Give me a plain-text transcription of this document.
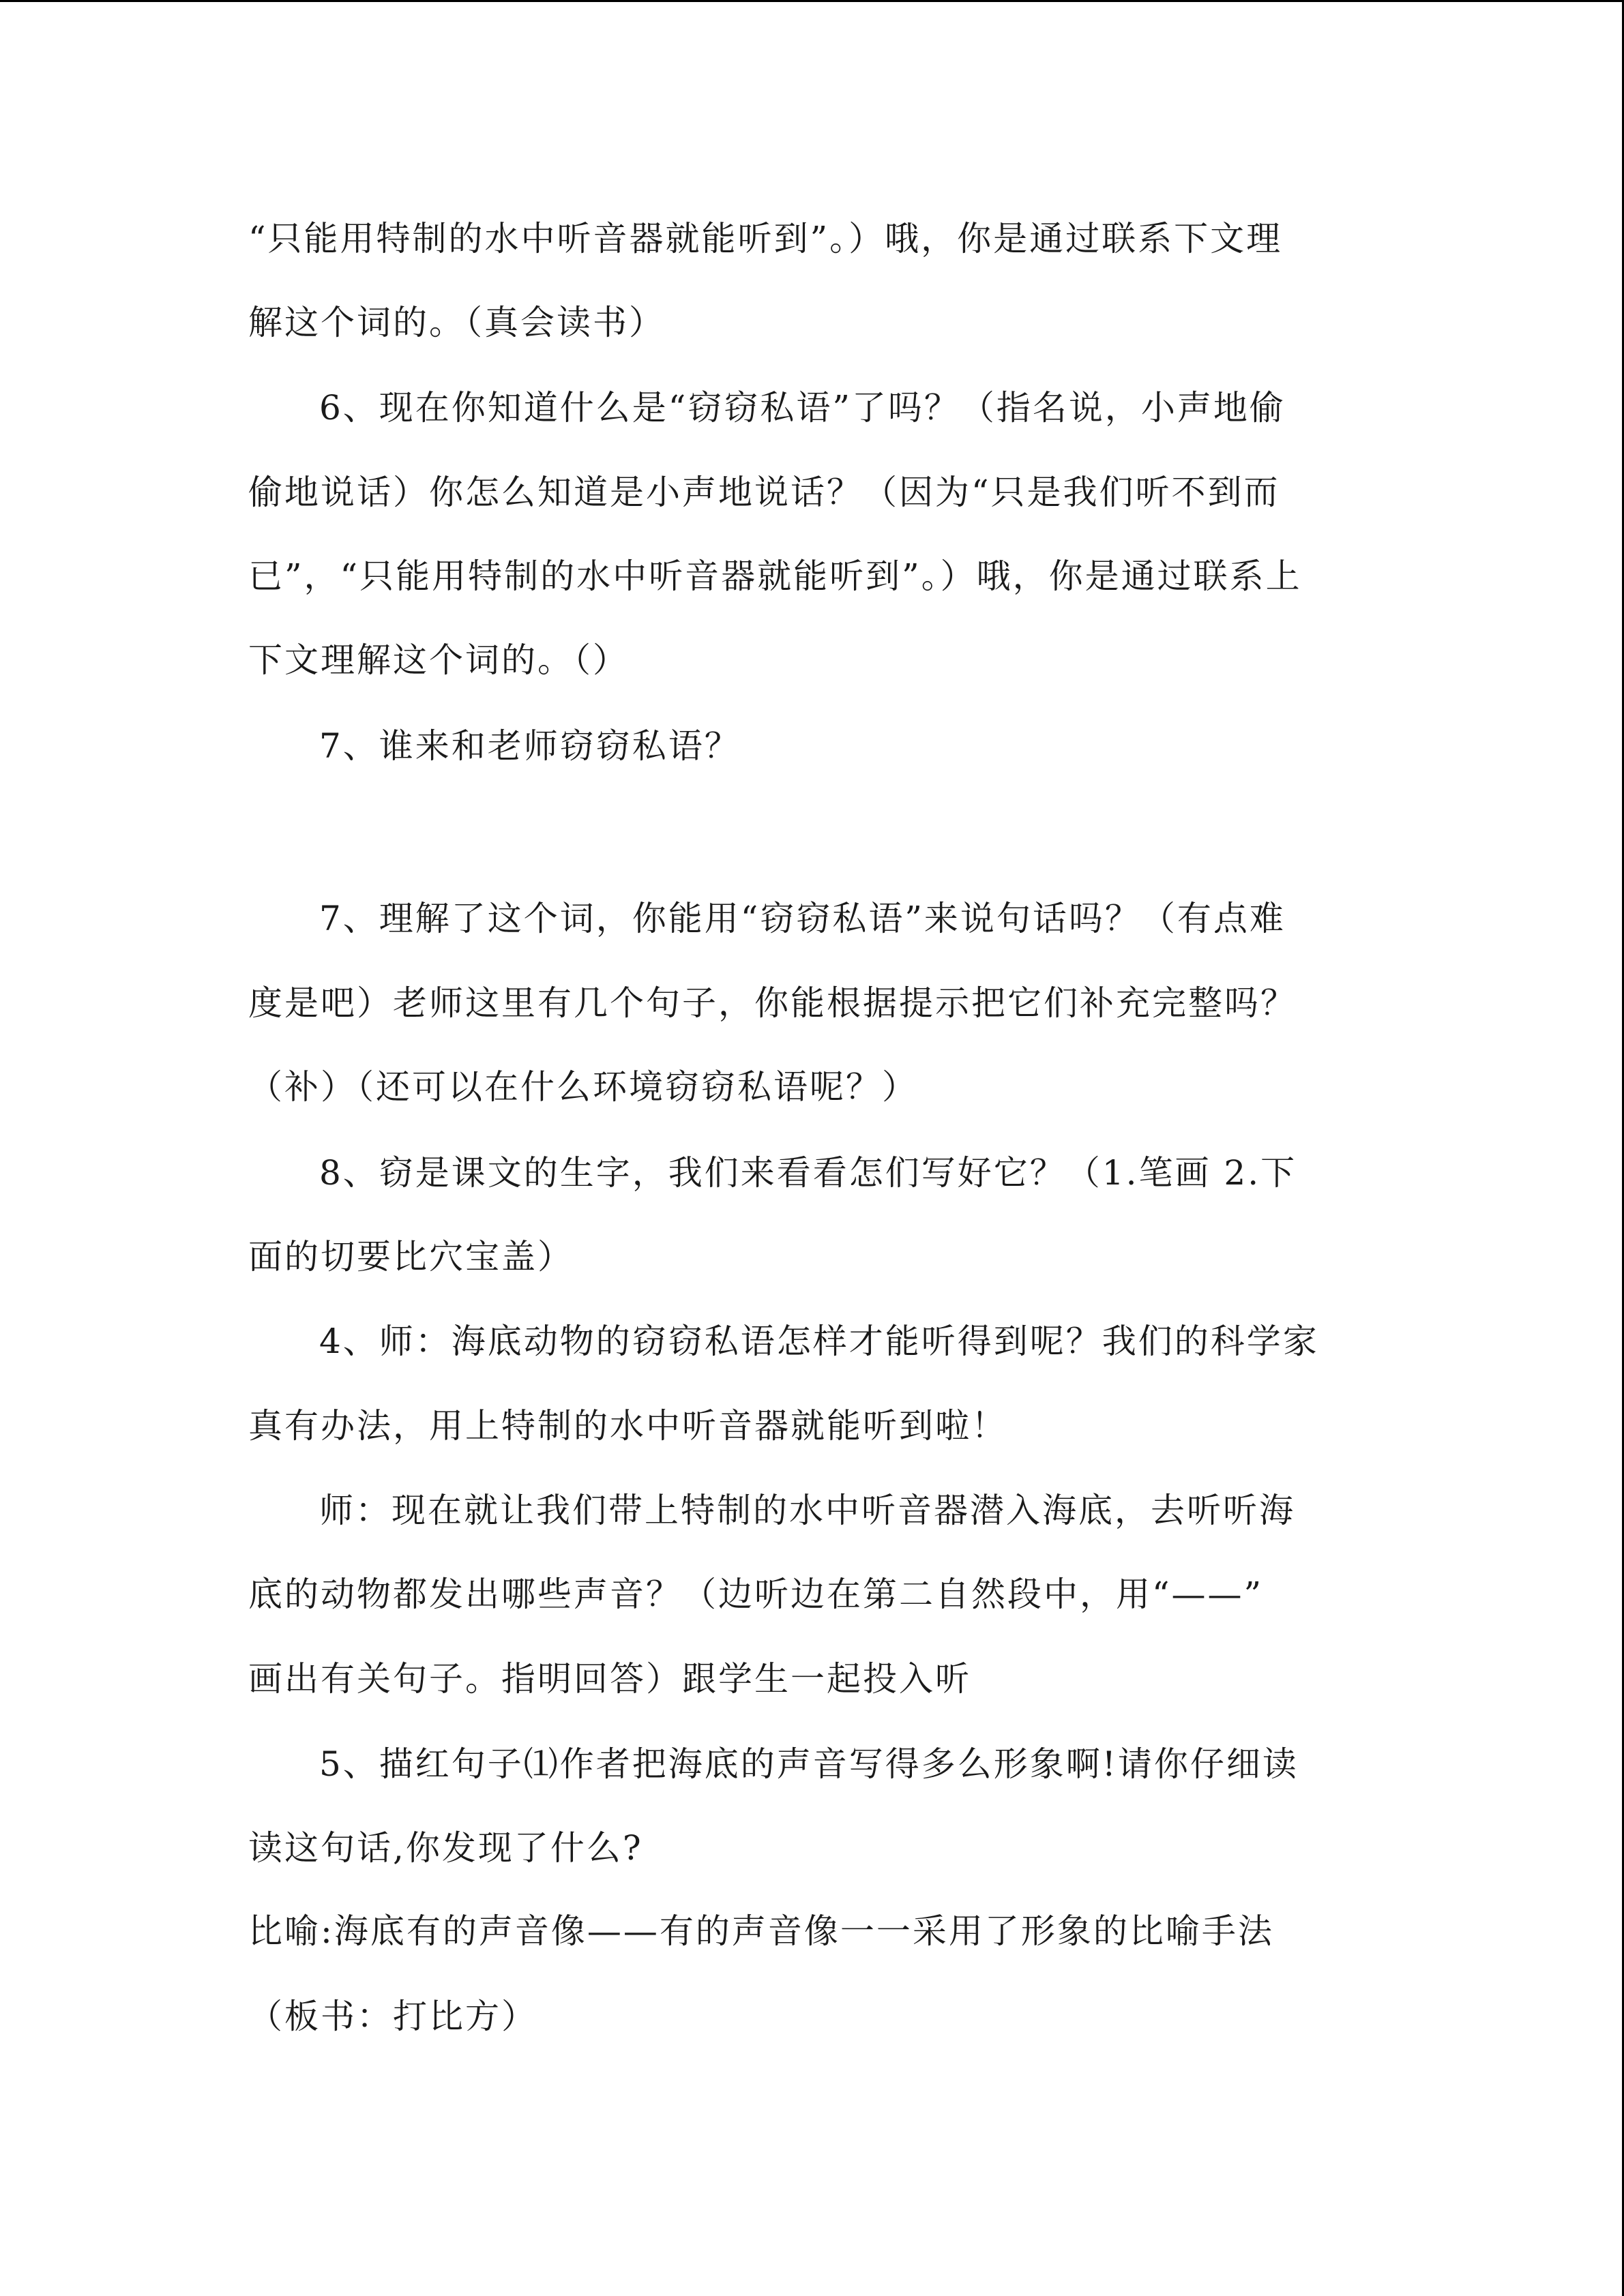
“只能用特制的水中听音器就能听到”。）哦，你是通过联系下文理
解这个词的。（真会读书）
6、现在你知道什么是“窃窃私语”了吗？（指名说，小声地偷
偷地说话）你怎么知道是小声地说话？（因为“只是我们听不到而
已”，“只能用特制的水中听音器就能听到”。）哦，你是通过联系上
下文理解这个词的。（）
7、谁来和老师窃窃私语？
7、理解了这个词，你能用“窃窃私语”来说句话吗？（有点难
度是吧）老师这里有几个句子，你能根据提示把它们补充完整吗？
（补）（还可以在什么环境窃窃私语呢？）
8、窃是课文的生字，我们来看看怎们写好它？（1.笔画 2.下
面的切要比穴宝盖）
4、师：海底动物的窃窃私语怎样才能听得到呢？我们的科学家
真有办法，用上特制的水中听音器就能听到啦！
师：现在就让我们带上特制的水中听音器潜入海底，去听听海
底的动物都发出哪些声音？（边听边在第二自然段中，用“——”
画出有关句子。指明回答）跟学生一起投入听
5、描红句子⑴作者把海底的声音写得多么形象啊!请你仔细读
读这句话,你发现了什么?
比喻:海底有的声音像——有的声音像一一采用了形象的比喻手法
（板书：打比方）
